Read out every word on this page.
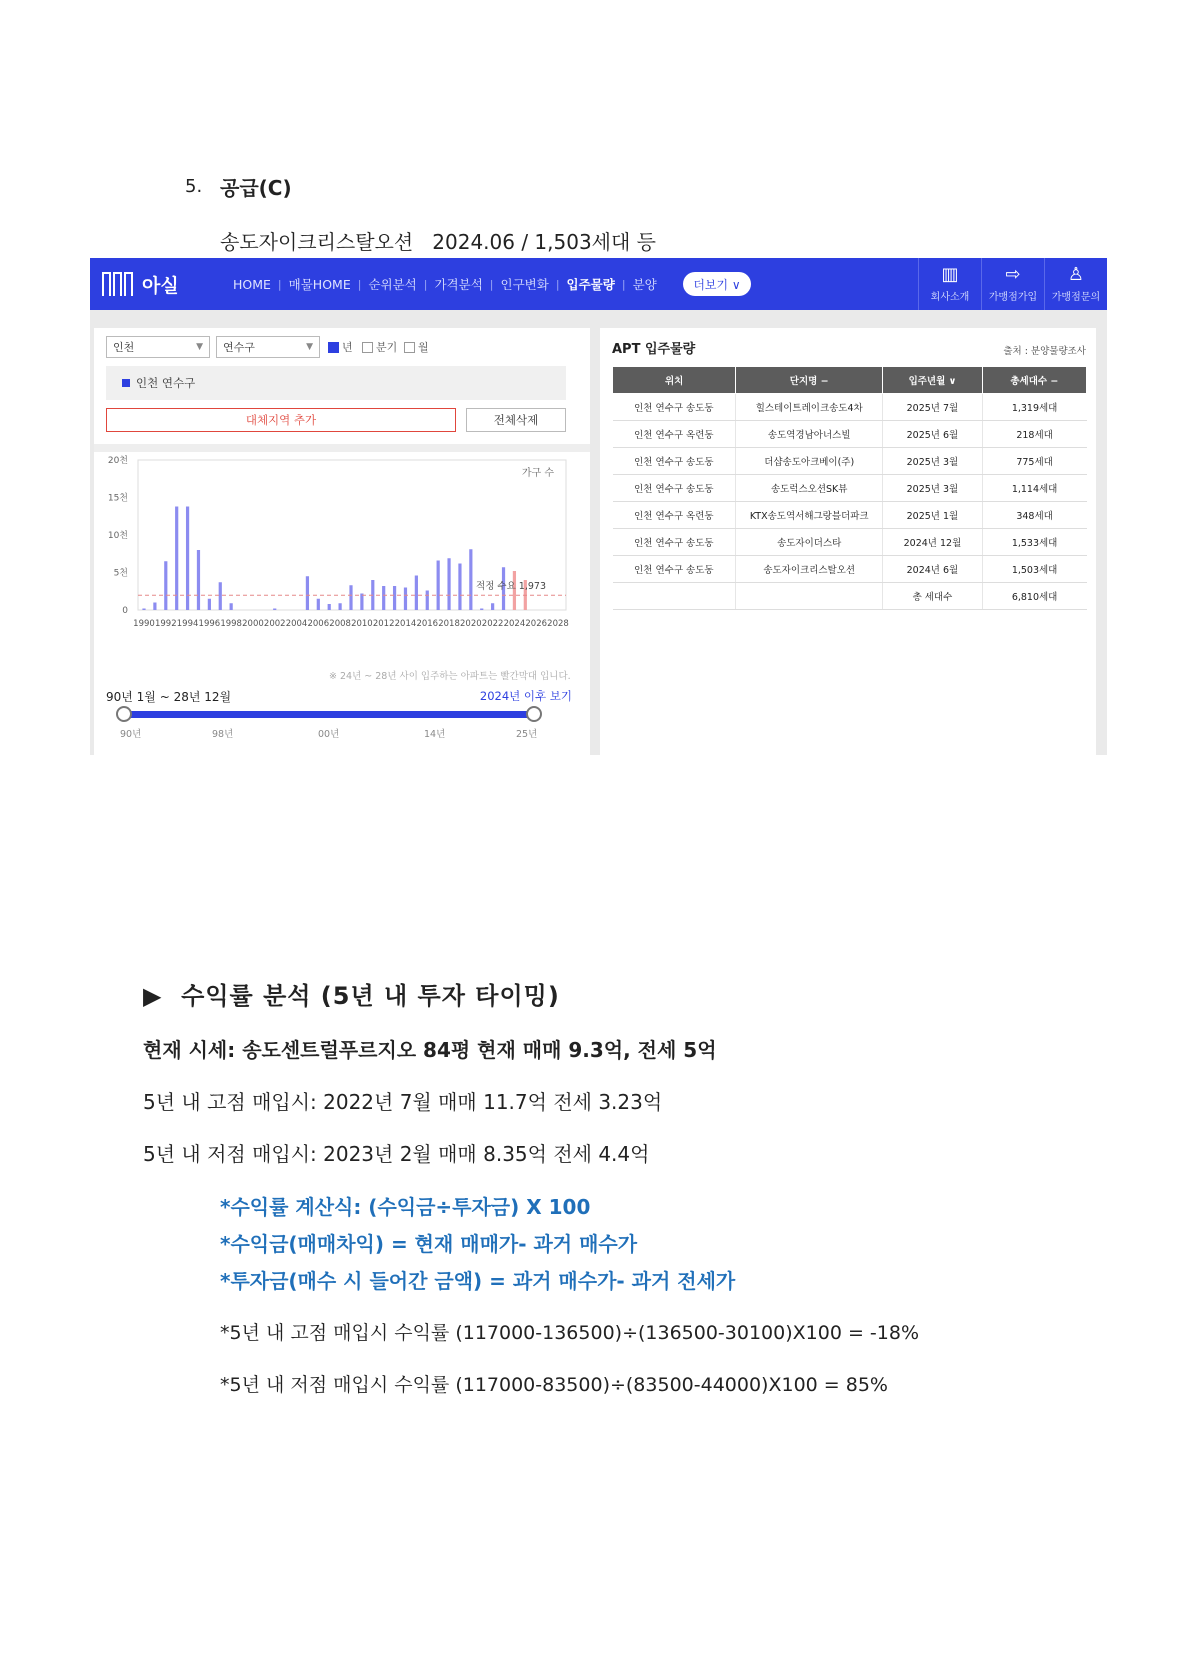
5. 공급(C)
송도자이크리스탈오션   2024.06 / 1,503세대 등
아실	HOME | 매물HOME | 순위분석 | 가격분석 | 인구변화 | 입주물량 | 분양	더보기 ∨	▥
회사소개
⇨
가맹점가입
♙
가맹점문의
인천	▼ 연수구	▼	년 분기 월
인천 연수구
대체지역 추가	전체삭제
0
5천
10천
15천
20천
가구 수
적정 수요 1,973
1990 1992 1994 1996 1998 2000 2002 2004 2006 2008 2010 2012 2014 2016 2018 2020 2022 2024 2026 2028
※ 24년 ~ 28년 사이 입주하는 아파트는 빨간막대 입니다.
90년 1월 ~ 28년 12월	2024년 이후 보기
90년	98년	00년	14년	25년
APT 입주물량	출처 : 분양물량조사
위치	단지명 −	입주년월 ∨	총세대수 −
인천 연수구 송도동	힐스테이트레이크송도4차	2025년 7월	1,319세대
인천 연수구 옥련동	송도역경남아너스빌	2025년 6월	218세대
인천 연수구 송도동	더샵송도아크베이(주)	2025년 3월	775세대
인천 연수구 송도동	송도럭스오션SK뷰	2025년 3월	1,114세대
인천 연수구 옥련동	KTX송도역서해그랑블더파크	2025년 1월	348세대
인천 연수구 송도동	송도자이더스타	2024년 12월	1,533세대
인천 연수구 송도동	송도자이크리스탈오션	2024년 6월	1,503세대
		총 세대수	6,810세대
▶  수익률 분석 (5년 내 투자 타이밍)
현재 시세: 송도센트럴푸르지오 84평 현재 매매 9.3억, 전세 5억
5년 내 고점 매입시: 2022년 7월 매매 11.7억 전세 3.23억
5년 내 저점 매입시: 2023년 2월 매매 8.35억 전세 4.4억
*수익률 계산식: (수익금÷투자금) X 100
*수익금(매매차익) = 현재 매매가- 과거 매수가
*투자금(매수 시 들어간 금액) = 과거 매수가- 과거 전세가
*5년 내 고점 매입시 수익률 (117000-136500)÷(136500-30100)X100 = -18%
*5년 내 저점 매입시 수익률 (117000-83500)÷(83500-44000)X100 = 85%
